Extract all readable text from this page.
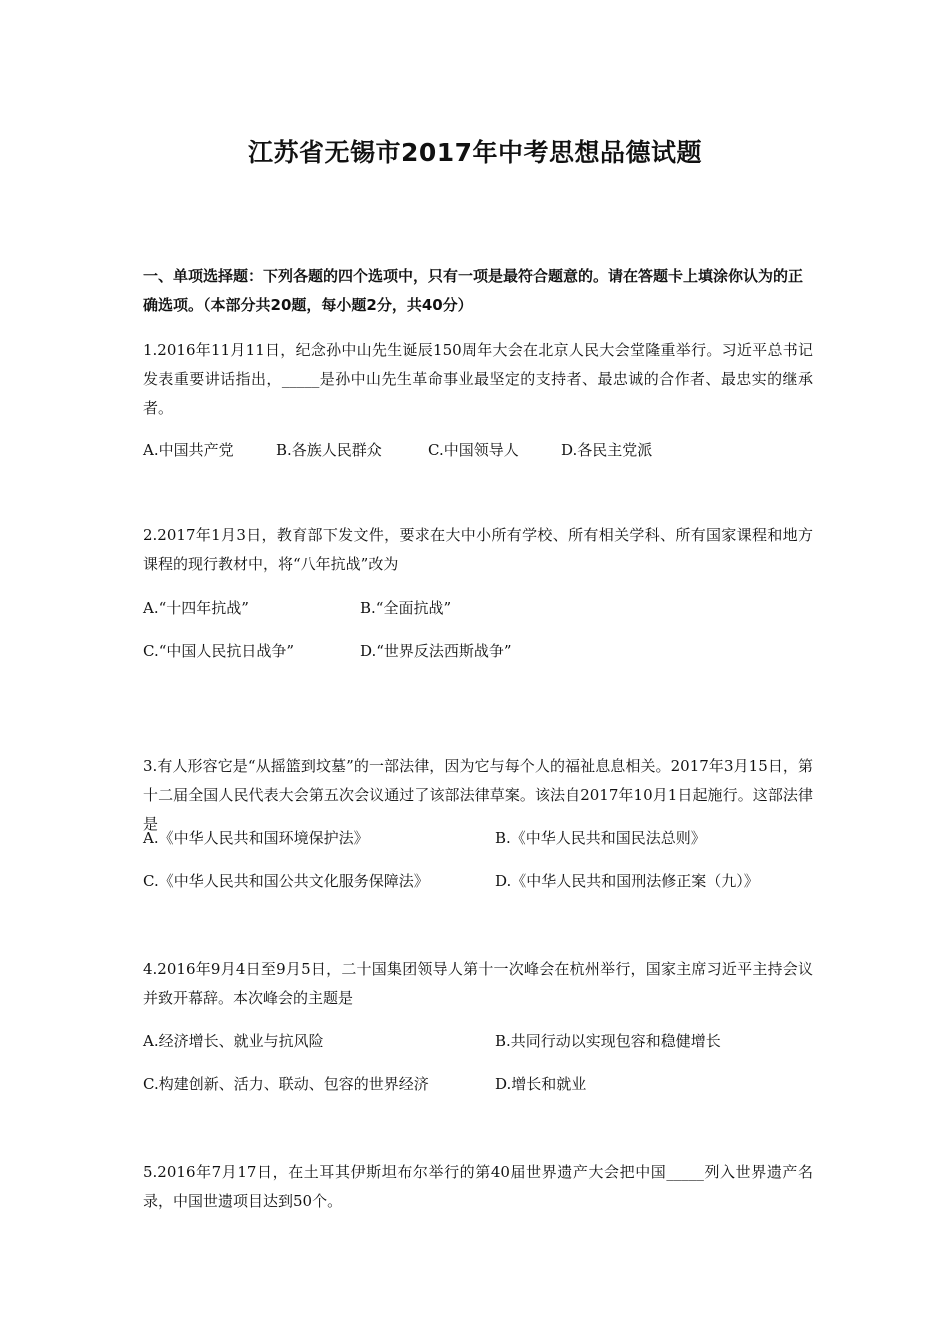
江苏省无锡市2017年中考思想品德试题
一、单项选择题：下列各题的四个选项中，只有一项是最符合题意的。请在答题卡上填涂你认为的正确选项。（本部分共20题，每小题2分，共40分）
1.2016年11月11日，纪念孙中山先生诞辰150周年大会在北京人民大会堂隆重举行。习近平总书记发表重要讲话指出，_____是孙中山先生革命事业最坚定的支持者、最忠诚的合作者、最忠实的继承者。
A.中国共产党	B.各族人民群众	C.中国领导人	D.各民主党派
2.2017年1月3日，教育部下发文件，要求在大中小所有学校、所有相关学科、所有国家课程和地方课程的现行教材中，将“八年抗战”改为
A.“十四年抗战”	B.“全面抗战”
C.“中国人民抗日战争”	D.“世界反法西斯战争”
3.有人形容它是“从摇篮到坟墓”的一部法律，因为它与每个人的福祉息息相关。2017年3月15日，第十二届全国人民代表大会第五次会议通过了该部法律草案。该法自2017年10月1日起施行。这部法律是
A.《中华人民共和国环境保护法》	B.《中华人民共和国民法总则》
C.《中华人民共和国公共文化服务保障法》	D.《中华人民共和国刑法修正案（九）》
4.2016年9月4日至9月5日，二十国集团领导人第十一次峰会在杭州举行，国家主席习近平主持会议并致开幕辞。本次峰会的主题是
A.经济增长、就业与抗风险	B.共同行动以实现包容和稳健增长
C.构建创新、活力、联动、包容的世界经济	D.增长和就业
5.2016年7月17日，在土耳其伊斯坦布尔举行的第40届世界遗产大会把中国_____列入世界遗产名录，中国世遗项目达到50个。
